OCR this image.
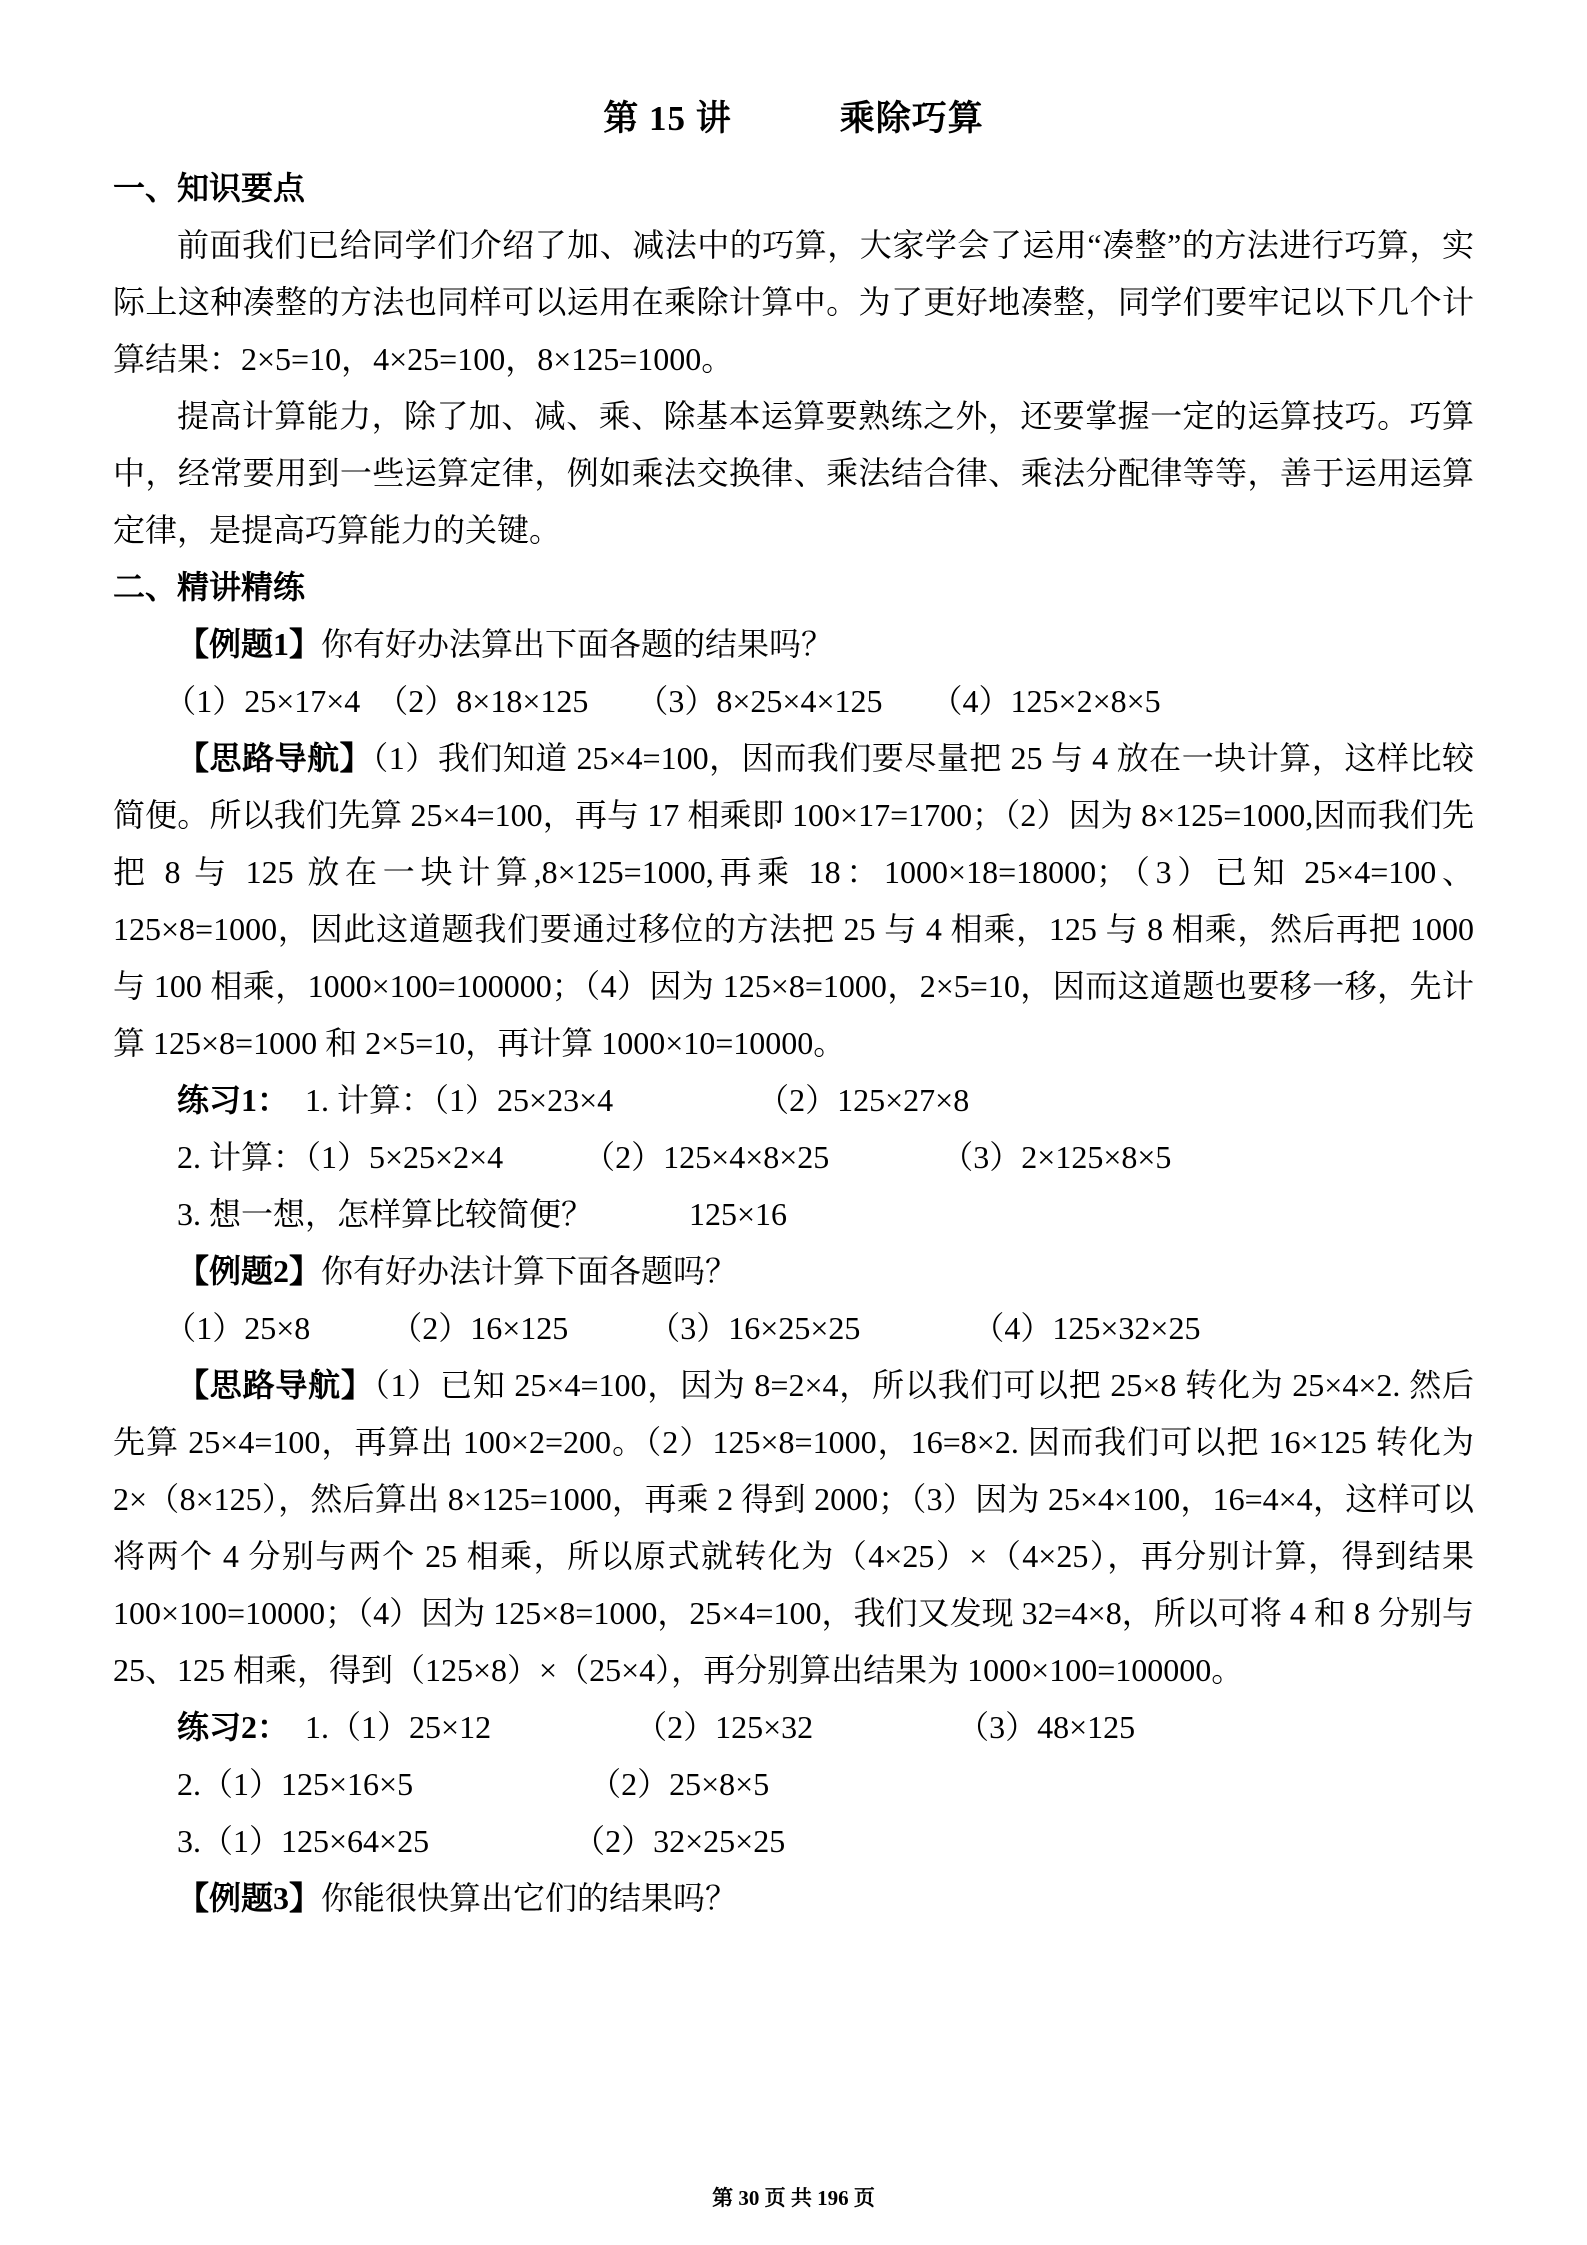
第 15 讲　　　乘除巧算
一、知识要点

前面我们已给同学们介绍了加、减法中的巧算，大家学会了运用“凑整”的方法进行巧算，实际上这种凑整的方法也同样可以运用在乘除计算中。为了更好地凑整，同学们要牢记以下几个计算结果：2×5=10，4×25=100，8×125=1000。

提高计算能力，除了加、减、乘、除基本运算要熟练之外，还要掌握一定的运算技巧。巧算中，经常要用到一些运算定律，例如乘法交换律、乘法结合律、乘法分配律等等，善于运用运算定律，是提高巧算能力的关键。

二、精讲精练

【例题1】你有好办法算出下面各题的结果吗？

（1）25×17×4　（2）8×18×125　　（3）8×25×4×125　　（4）125×2×8×5

【思路导航】（1）我们知道 25×4=100，因而我们要尽量把 25 与 4 放在一块计算，这样比较简便。所以我们先算 25×4=100，再与 17 相乘即 100×17=1700；（2）因为 8×125=1000,因而我们先把 8 与 125 放在一块计算,8×125=1000,再乘 18：1000×18=18000；（3）已知 25×4=100、125×8=1000，因此这道题我们要通过移位的方法把 25 与 4 相乘，125 与 8 相乘，然后再把 1000 与 100 相乘，1000×100=100000；（4）因为 125×8=1000，2×5=10，因而这道题也要移一移，先计算 125×8=1000 和 2×5=10，再计算 1000×10=10000。

练习1： 1. 计算：（1）25×23×4　　　　　（2）125×27×8

2. 计算：（1）5×25×2×4　　　（2）125×4×8×25　　　　（3）2×125×8×5

3. 想一想，怎样算比较简便？　　　125×16

【例题2】你有好办法计算下面各题吗？

（1）25×8　　　（2）16×125　　　（3）16×25×25　　　　（4）125×32×25

【思路导航】（1）已知 25×4=100，因为 8=2×4，所以我们可以把 25×8 转化为 25×4×2. 然后先算 25×4=100，再算出 100×2=200。（2）125×8=1000，16=8×2. 因而我们可以把 16×125 转化为 2×（8×125），然后算出 8×125=1000，再乘 2 得到 2000；（3）因为 25×4×100，16=4×4，这样可以将两个 4 分别与两个 25 相乘，所以原式就转化为（4×25）×（4×25），再分别计算，得到结果 100×100=10000；（4）因为 125×8=1000，25×4=100，我们又发现 32=4×8，所以可将 4 和 8 分别与 25、125 相乘，得到（125×8）×（25×4），再分别算出结果为 1000×100=100000。

练习2： 1.（1）25×12　　　　　（2）125×32　　　　　（3）48×125

2.（1）125×16×5　　　　　　（2）25×8×5

3.（1）125×64×25　　　　　（2）32×25×25

【例题3】你能很快算出它们的结果吗？

第 30 页 共 196 页
